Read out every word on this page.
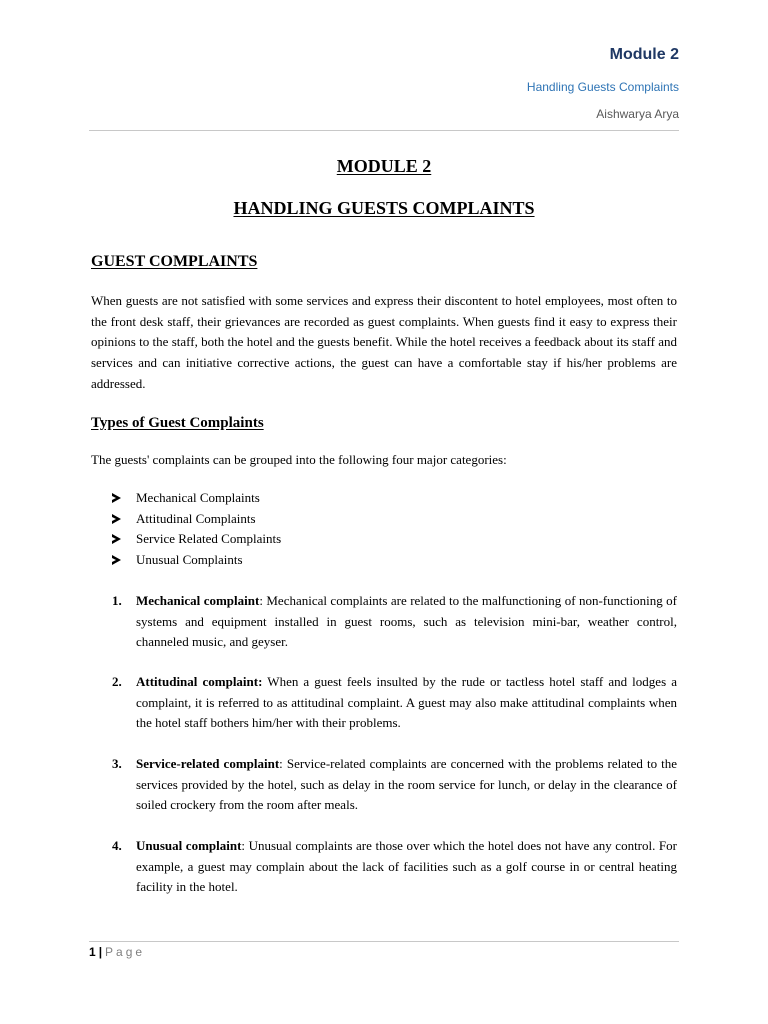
Module 2
Handling Guests Complaints
Aishwarya Arya
MODULE 2
HANDLING GUESTS COMPLAINTS
GUEST COMPLAINTS
When guests are not satisfied with some services and express their discontent to hotel employees, most often to the front desk staff, their grievances are recorded as guest complaints. When guests find it easy to express their opinions to the staff, both the hotel and the guests benefit. While the hotel receives a feedback about its staff and services and can initiative corrective actions, the guest can have a comfortable stay if his/her problems are addressed.
Types of Guest Complaints
The guests' complaints can be grouped into the following four major categories:
Mechanical Complaints
Attitudinal Complaints
Service Related Complaints
Unusual Complaints
1. Mechanical complaint: Mechanical complaints are related to the malfunctioning of non-functioning of systems and equipment installed in guest rooms, such as television mini-bar, weather control, channeled music, and geyser.
2. Attitudinal complaint: When a guest feels insulted by the rude or tactless hotel staff and lodges a complaint, it is referred to as attitudinal complaint. A guest may also make attitudinal complaints when the hotel staff bothers him/her with their problems.
3. Service-related complaint: Service-related complaints are concerned with the problems related to the services provided by the hotel, such as delay in the room service for lunch, or delay in the clearance of soiled crockery from the room after meals.
4. Unusual complaint: Unusual complaints are those over which the hotel does not have any control. For example, a guest may complain about the lack of facilities such as a golf course in or central heating facility in the hotel.
1 | Page
